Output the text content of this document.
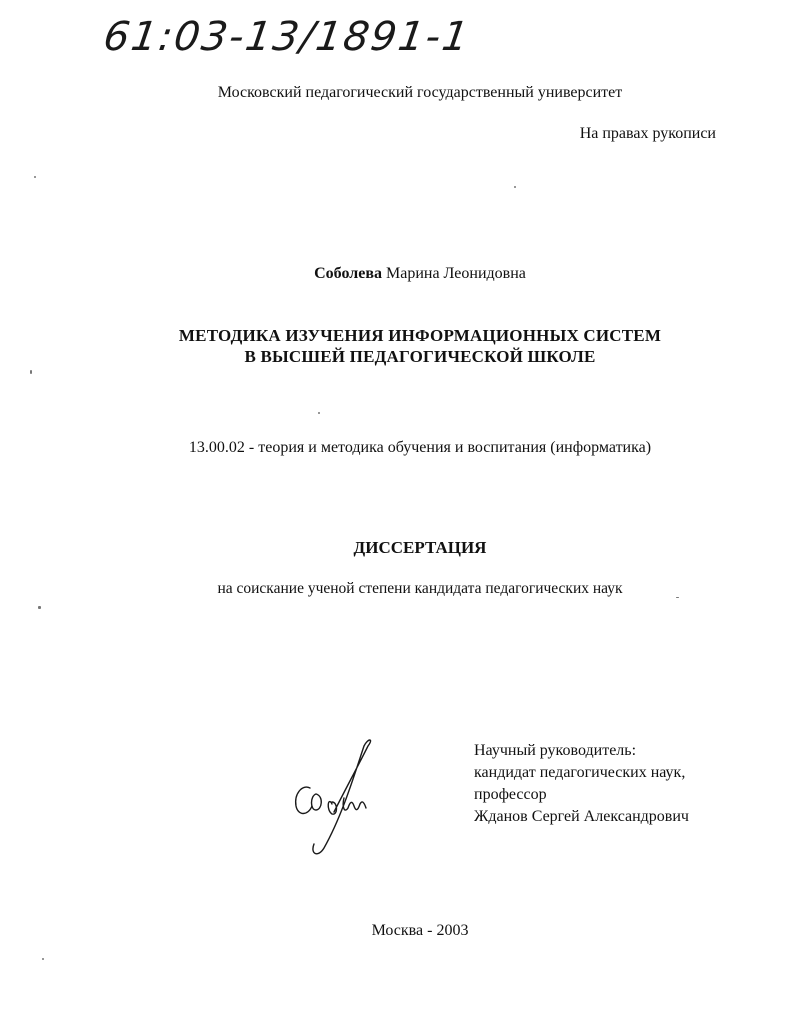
61:03-13/1891-1
Московский педагогический государственный университет
На правах рукописи
Соболева Марина Леонидовна
МЕТОДИКА ИЗУЧЕНИЯ ИНФОРМАЦИОННЫХ СИСТЕМ
В ВЫСШЕЙ ПЕДАГОГИЧЕСКОЙ ШКОЛЕ
13.00.02 - теория и методика обучения и воспитания (информатика)
ДИССЕРТАЦИЯ
на соискание ученой степени кандидата педагогических наук
Научный руководитель:
кандидат педагогических наук,
профессор
Жданов Сергей Александрович
Москва - 2003
